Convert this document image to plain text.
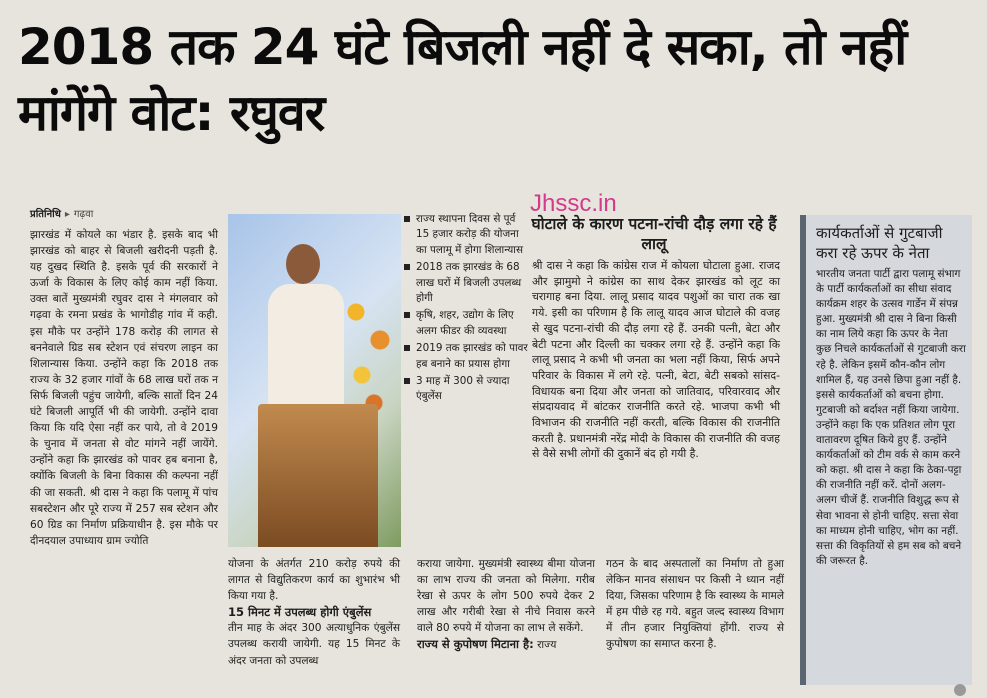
2018 तक 24 घंटे बिजली नहीं दे सका, तो नहीं मांगेंगे वोट: रघुवर
Jhssc.in
प्रतिनिधि ▸ गढ़वा

झारखंड में कोयले का भंडार है. इसके बाद भी झारखंड को बाहर से बिजली खरीदनी पड़ती है. यह दुखद स्थिति है. इसके पूर्व की सरकारों ने ऊर्जा के विकास के लिए कोई काम नहीं किया. उक्त बातें मुख्यमंत्री रघुवर दास ने मंगलवार को गढ़वा के रमना प्रखंड के भागोडीह गांव में कही. इस मौके पर उन्होंने 178 करोड़ की लागत से बननेवाले ग्रिड सब स्टेशन एवं संचरण लाइन का शिलान्यास किया. उन्होंने कहा कि 2018 तक राज्य के 32 हजार गांवों के 68 लाख घरों तक न सिर्फ बिजली पहुंच जायेगी, बल्कि सातों दिन 24 घंटे बिजली आपूर्ति भी की जायेगी. उन्होंने दावा किया कि यदि ऐसा नहीं कर पाये, तो वे 2019 के चुनाव में जनता से वोट मांगने नहीं जायेंगे. उन्होंने कहा कि झारखंड को पावर हब बनाना है, क्योंकि बिजली के बिना विकास की कल्पना नहीं की जा सकती. श्री दास ने कहा कि पलामू में पांच सबस्टेशन और पूरे राज्य में 257 सब स्टेशन और 60 ग्रिड का निर्माण प्रक्रियाधीन है. इस मौके पर दीनदयाल उपाध्याय ग्राम ज्योति

राज्य स्थापना दिवस से पूर्व 15 हजार करोड़ की योजना का पलामू में होगा शिलान्यास
2018 तक झारखंड के 68 लाख घरों में बिजली उपलब्ध होगी
कृषि, शहर, उद्योग के लिए अलग फीडर की व्यवस्था
2019 तक झारखंड को पावर हब बनाने का प्रयास होगा
3 माह में 300 से ज्यादा एंबुलेंस
घोटाले के कारण पटना-रांची दौड़ लगा रहे हैं लालू

श्री दास ने कहा कि कांग्रेस राज में कोयला घोटाला हुआ. राजद और झामुमो ने कांग्रेस का साथ देकर झारखंड को लूट का चरागाह बना दिया. लालू प्रसाद यादव पशुओं का चारा तक खा गये. इसी का परिणाम है कि लालू यादव आज घोटाले की वजह से खुद पटना-रांची की दौड़ लगा रहे हैं. उनकी पत्नी, बेटा और बेटी पटना और दिल्ली का चक्कर लगा रहे हैं. उन्होंने कहा कि लालू प्रसाद ने कभी भी जनता का भला नहीं किया, सिर्फ अपने परिवार के विकास में लगे रहे. पत्नी, बेटा, बेटी सबको सांसद-विधायक बना दिया और जनता को जातिवाद, परिवारवाद और संप्रदायवाद में बांटकर राजनीति करते रहे. भाजपा कभी भी विभाजन की राजनीति नहीं करती, बल्कि विकास की राजनीति करती है. प्रधानमंत्री नरेंद्र मोदी के विकास की राजनीति की वजह से वैसे सभी लोगों की दुकानें बंद हो गयी है.

कार्यकर्ताओं से गुटबाजी करा रहे ऊपर के नेता

भारतीय जनता पार्टी द्वारा पलामू संभाग के पार्टी कार्यकर्ताओं का सीधा संवाद कार्यक्रम शहर के उत्सव गार्डेन में संपन्न हुआ. मुख्यमंत्री श्री दास ने बिना किसी का नाम लिये कहा कि ऊपर के नेता कुछ निचले कार्यकर्ताओं से गुटबाजी करा रहे है. लेकिन इसमें कौन-कौन लोग शामिल हैं, यह उनसे छिपा हुआ नहीं है. इससे कार्यकर्ताओं को बचना होगा. गुटबाजी को बर्दाश्त नहीं किया जायेगा. उन्होंने कहा कि एक प्रतिशत लोग पूरा वातावरण दूषित किये हुए हैं. उन्होंने कार्यकर्ताओं को टीम वर्क से काम करने को कहा. श्री दास ने कहा कि ठेका-पट्टा की राजनीति नहीं करें. दोनों अलग-अलग चीजें हैं. राजनीति विशुद्ध रूप से सेवा भावना से होनी चाहिए. सत्ता सेवा का माध्यम होनी चाहिए, भोग का नहीं. सत्ता की विकृतियों से हम सब को बचने की जरूरत है.

योजना के अंतर्गत 210 करोड़ रुपये की लागत से विद्युतिकरण कार्य का शुभारंभ भी किया गया है.

15 मिनट में उपलब्ध होगी एंबुलेंस

तीन माह के अंदर 300 अत्याधुनिक एंबुलेंस उपलब्ध करायी जायेगी. यह 15 मिनट के अंदर जनता को उपलब्ध

कराया जायेगा. मुख्यमंत्री स्वास्थ्य बीमा योजना का लाभ राज्य की जनता को मिलेगा. गरीब रेखा से ऊपर के लोग 500 रुपये देकर 2 लाख और गरीबी रेखा से नीचे निवास करने वाले 80 रुपये में योजना का लाभ ले सकेंगे.

राज्य से कुपोषण मिटाना है: राज्य

गठन के बाद अस्पतालों का निर्माण तो हुआ लेकिन मानव संसाधन पर किसी ने ध्यान नहीं दिया, जिसका परिणाम है कि स्वास्थ्य के मामले में हम पीछे रह गये. बहुत जल्द स्वास्थ्य विभाग में तीन हजार नियुक्तियां होंगी. राज्य से कुपोषण का समाप्त करना है.
